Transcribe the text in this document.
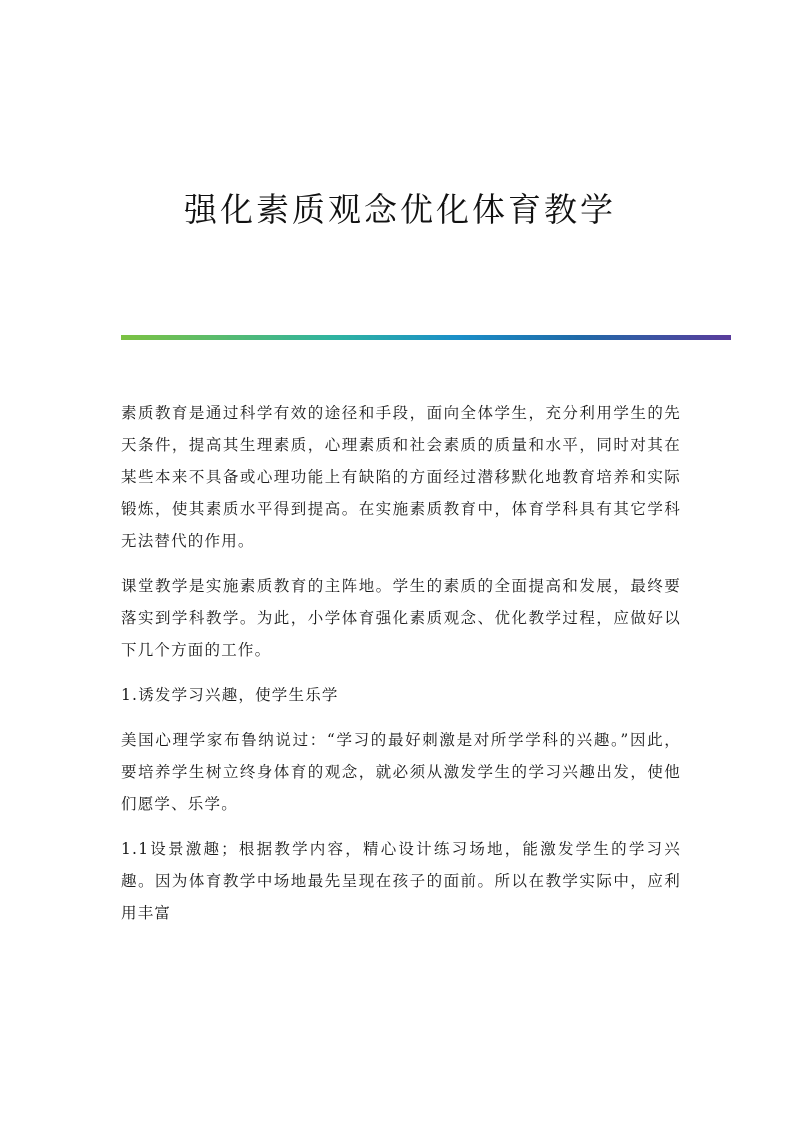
强化素质观念优化体育教学

素质教育是通过科学有效的途径和手段，面向全体学生，充分利用学生的先天条件，提高其生理素质，心理素质和社会素质的质量和水平，同时对其在某些本来不具备或心理功能上有缺陷的方面经过潜移默化地教育培养和实际锻炼，使其素质水平得到提高。在实施素质教育中，体育学科具有其它学科无法替代的作用。

课堂教学是实施素质教育的主阵地。学生的素质的全面提高和发展，最终要落实到学科教学。为此，小学体育强化素质观念、优化教学过程，应做好以下几个方面的工作。

1.诱发学习兴趣，使学生乐学

美国心理学家布鲁纳说过：“学习的最好刺激是对所学学科的兴趣。”因此，要培养学生树立终身体育的观念，就必须从激发学生的学习兴趣出发，使他们愿学、乐学。

1.1设景激趣；根据教学内容，精心设计练习场地，能激发学生的学习兴趣。因为体育教学中场地最先呈现在孩子的面前。所以在教学实际中，应利用丰富
